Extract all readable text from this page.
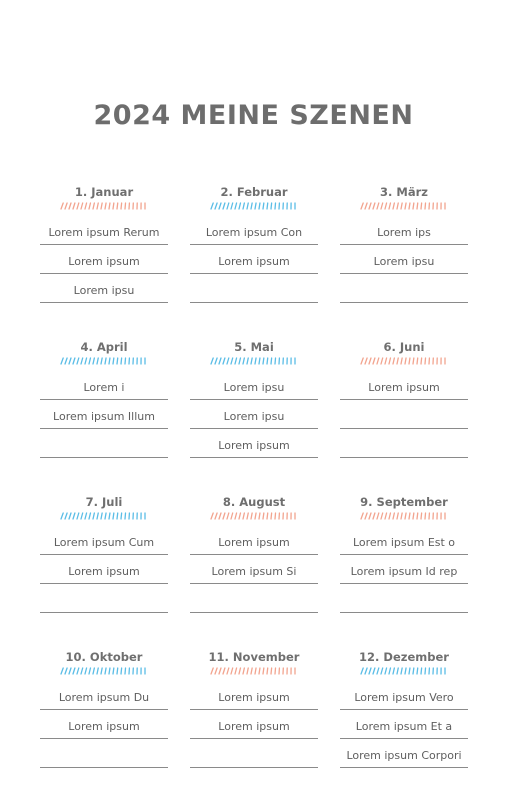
2024 MEINE SZENEN
1. Januar
Lorem ipsum Rerum
Lorem ipsum
Lorem ipsu
2. Februar
Lorem ipsum Con
Lorem ipsum
3. März
Lorem ips
Lorem ipsu
4. April
Lorem i
Lorem ipsum Illum
5. Mai
Lorem ipsu
Lorem ipsu
Lorem ipsum
6. Juni
Lorem ipsum
7. Juli
Lorem ipsum Cum
Lorem ipsum
8. August
Lorem ipsum
Lorem ipsum Si
9. September
Lorem ipsum Est o
Lorem ipsum Id rep
10. Oktober
Lorem ipsum Du
Lorem ipsum
11. November
Lorem ipsum
Lorem ipsum
12. Dezember
Lorem ipsum Vero
Lorem ipsum Et a
Lorem ipsum Corpori
